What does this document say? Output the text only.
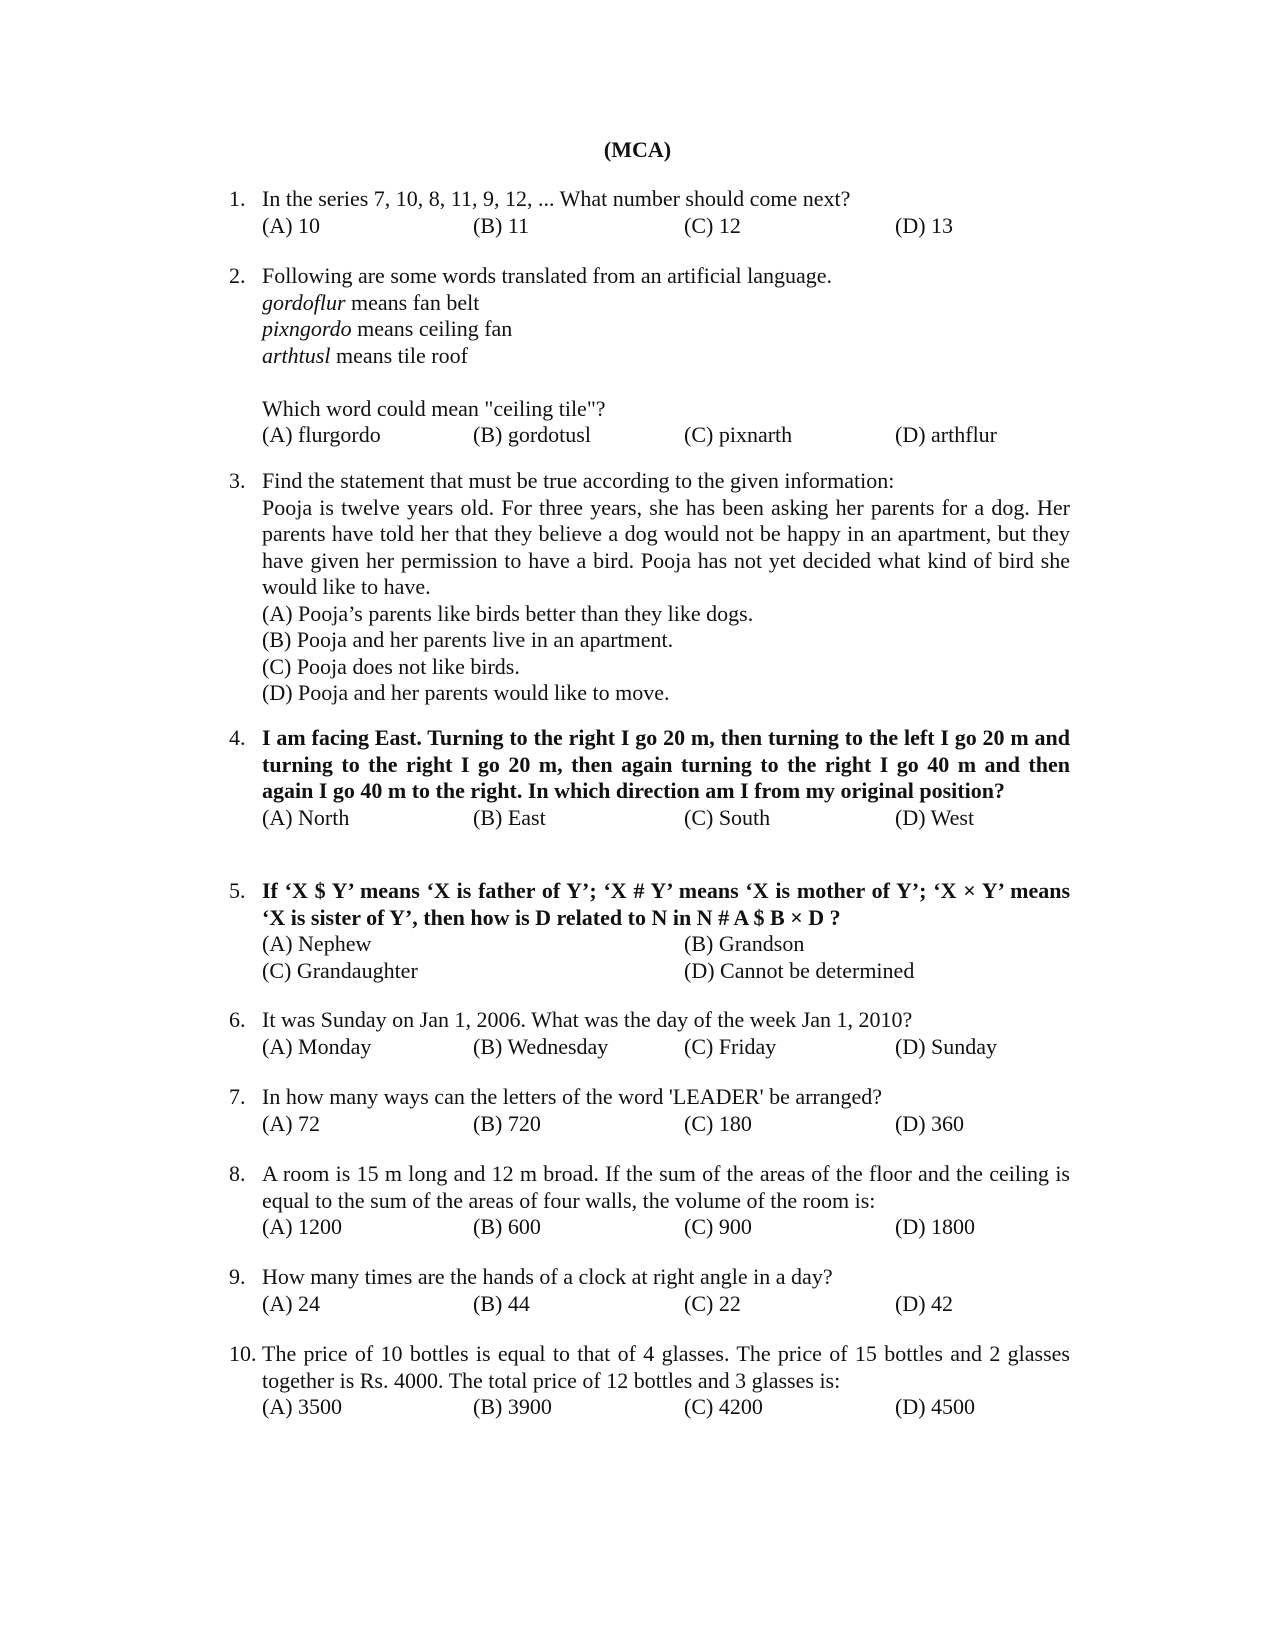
(MCA)
1. In the series 7, 10, 8, 11, 9, 12, ... What number should come next?
(A) 10	(B) 11	(C) 12	(D) 13
2. Following are some words translated from an artificial language.
gordoflur means fan belt
pixngordo means ceiling fan
arthtusl means tile roof
Which word could mean "ceiling tile"?
(A) flurgordo	(B) gordotusl	(C) pixnarth	(D) arthflur
3. Find the statement that must be true according to the given information:
Pooja is twelve years old. For three years, she has been asking her parents for a dog. Her parents have told her that they believe a dog would not be happy in an apartment, but they have given her permission to have a bird. Pooja has not yet decided what kind of bird she would like to have.
(A) Pooja’s parents like birds better than they like dogs.
(B) Pooja and her parents live in an apartment.
(C) Pooja does not like birds.
(D) Pooja and her parents would like to move.
4. I am facing East. Turning to the right I go 20 m, then turning to the left I go 20 m and turning to the right I go 20 m, then again turning to the right I go 40 m and then again I go 40 m to the right. In which direction am I from my original position?
(A) North	(B) East	(C) South	(D) West
5. If ‘X $ Y’ means ‘X is father of Y’; ‘X # Y’ means ‘X is mother of Y’; ‘X × Y’ means ‘X is sister of Y’, then how is D related to N in N # A $ B × D ?
(A) Nephew	(B) Grandson
(C) Grandaughter	(D) Cannot be determined
6. It was Sunday on Jan 1, 2006. What was the day of the week Jan 1, 2010?
(A) Monday	(B) Wednesday	(C) Friday	(D) Sunday
7. In how many ways can the letters of the word 'LEADER' be arranged?
(A) 72	(B) 720	(C) 180	(D) 360
8. A room is 15 m long and 12 m broad. If the sum of the areas of the floor and the ceiling is equal to the sum of the areas of four walls, the volume of the room is:
(A) 1200	(B) 600	(C) 900	(D) 1800
9. How many times are the hands of a clock at right angle in a day?
(A) 24	(B) 44	(C) 22	(D) 42
10. The price of 10 bottles is equal to that of 4 glasses. The price of 15 bottles and 2 glasses together is Rs. 4000. The total price of 12 bottles and 3 glasses is:
(A) 3500	(B) 3900	(C) 4200	(D) 4500
